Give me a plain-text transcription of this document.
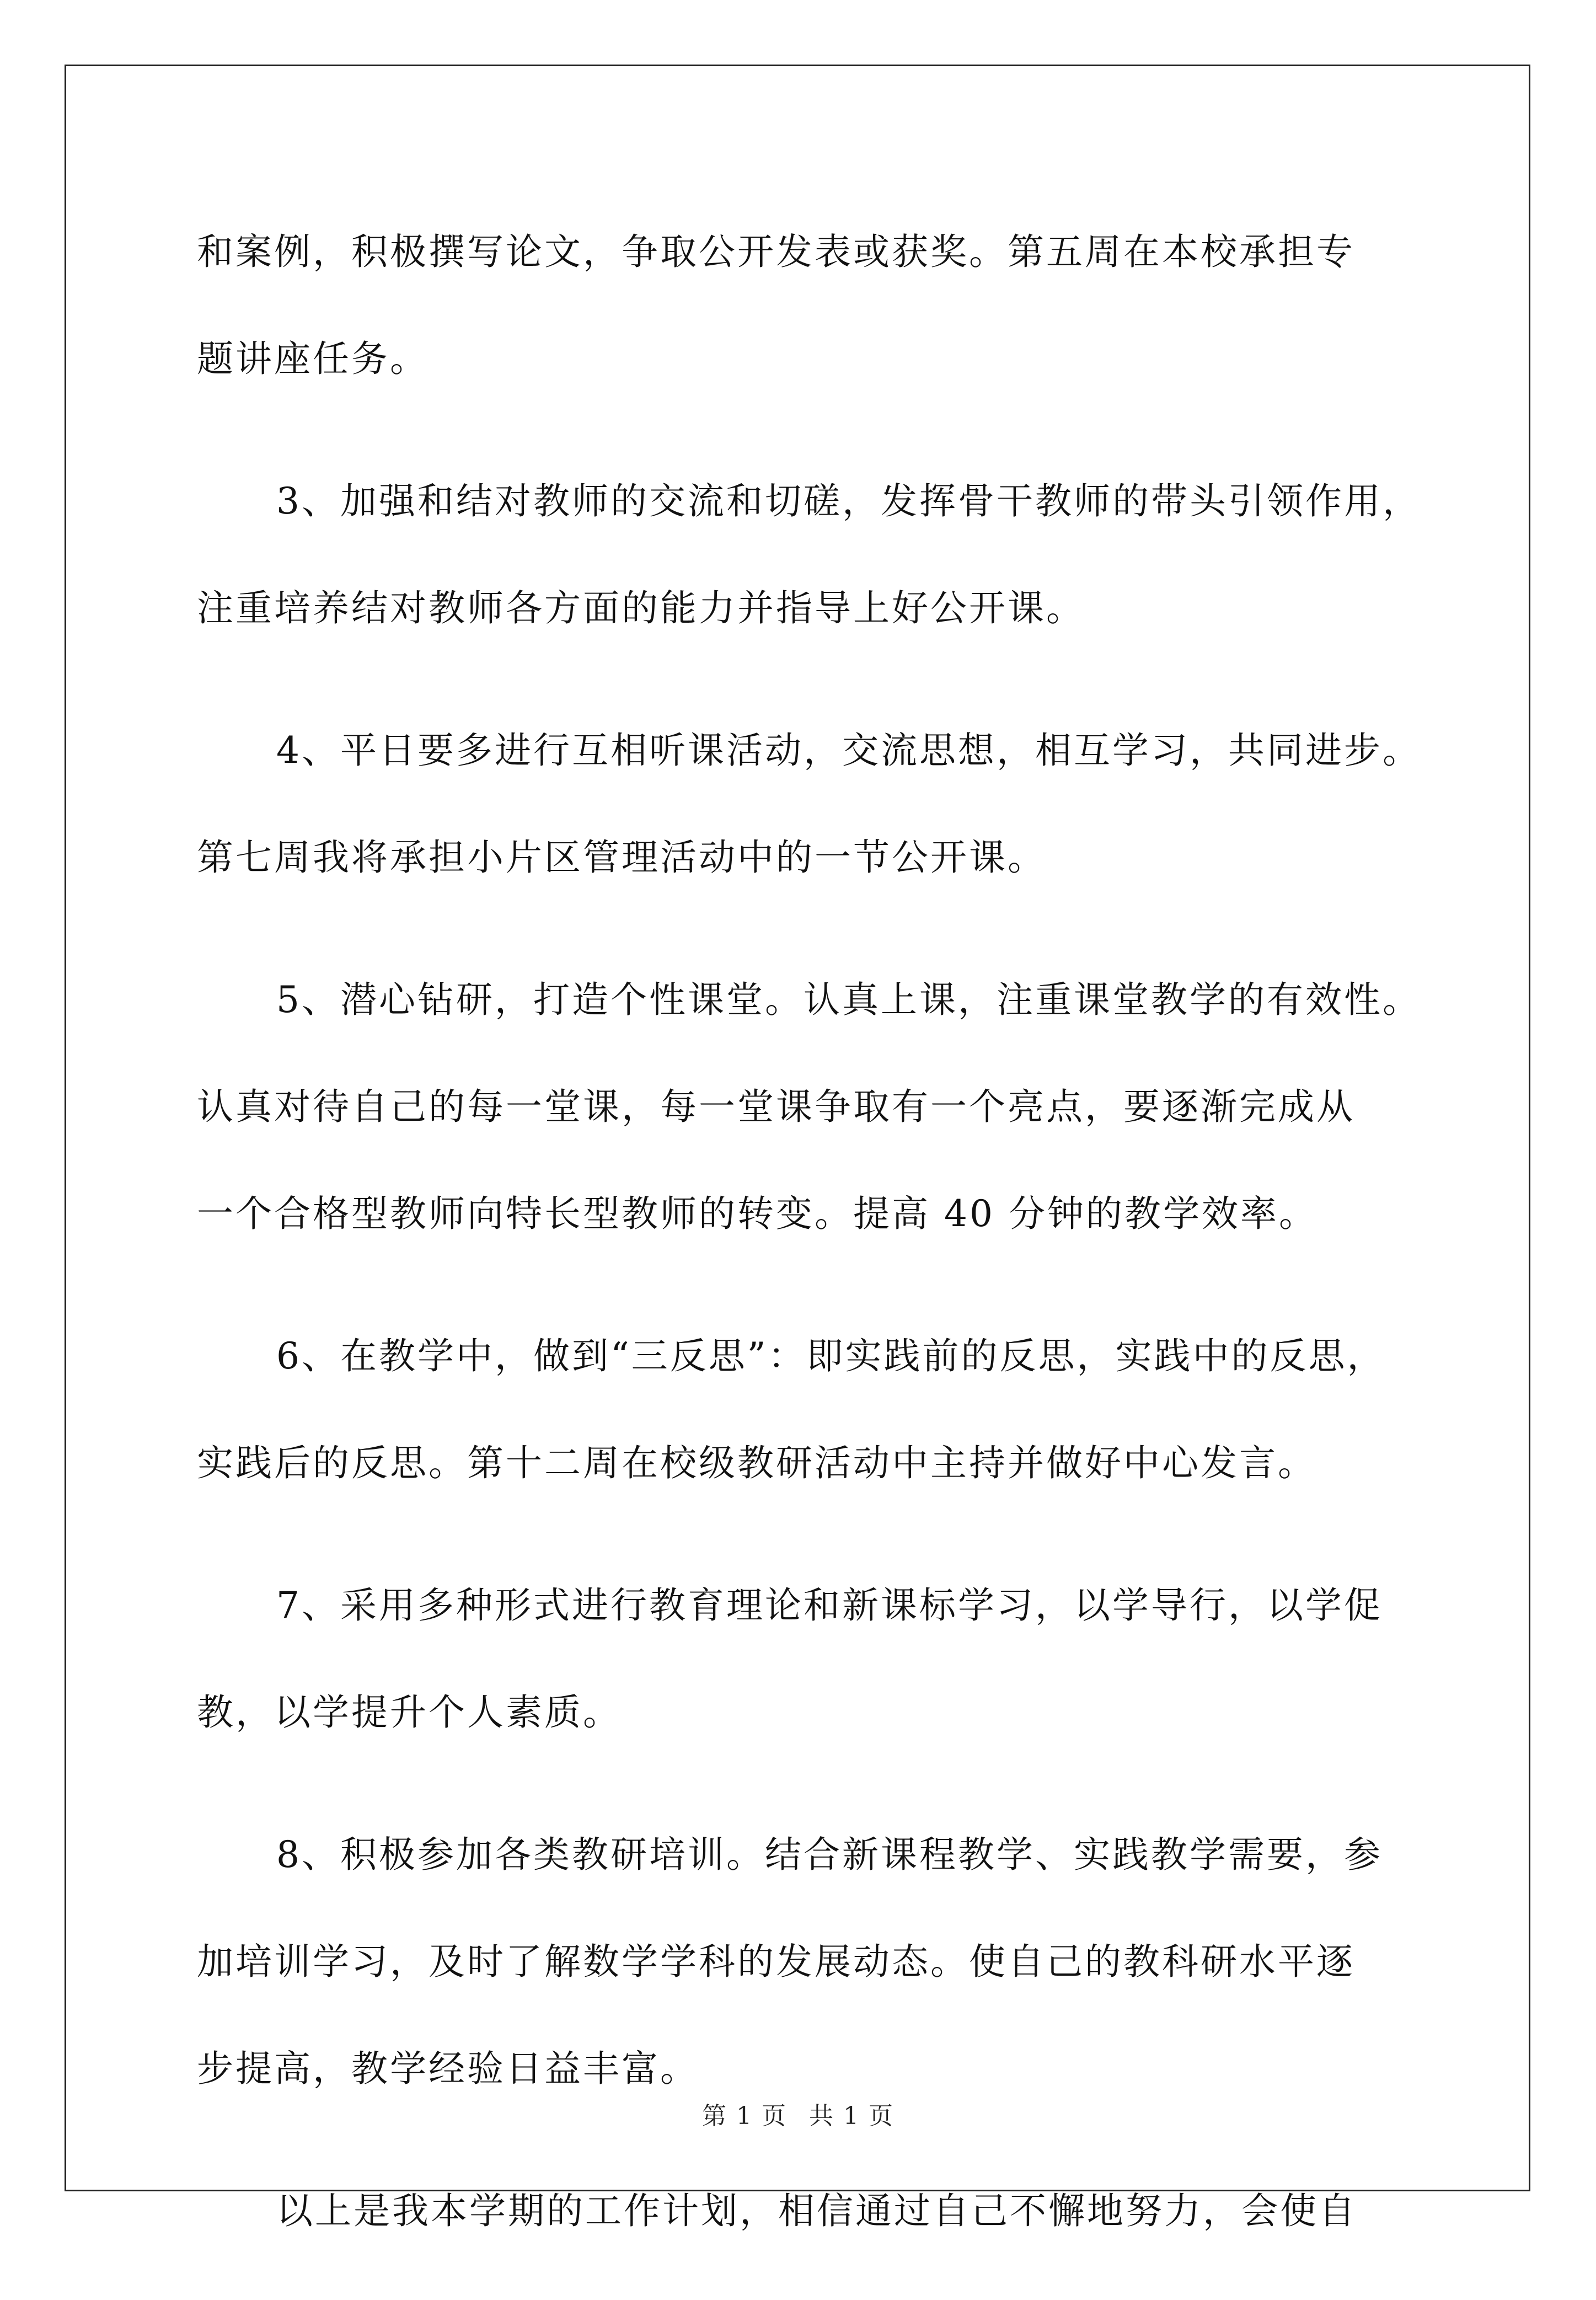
和案例，积极撰写论文，争取公开发表或获奖。第五周在本校承担专
题讲座任务。
3、加强和结对教师的交流和切磋，发挥骨干教师的带头引领作用，
注重培养结对教师各方面的能力并指导上好公开课。
4、平日要多进行互相听课活动，交流思想，相互学习，共同进步。
第七周我将承担小片区管理活动中的一节公开课。
5、潜心钻研，打造个性课堂。认真上课，注重课堂教学的有效性。
认真对待自己的每一堂课，每一堂课争取有一个亮点，要逐渐完成从
一个合格型教师向特长型教师的转变。提高 40 分钟的教学效率。
6、在教学中，做到“三反思”：即实践前的反思，实践中的反思，
实践后的反思。第十二周在校级教研活动中主持并做好中心发言。
7、采用多种形式进行教育理论和新课标学习，以学导行，以学促
教，以学提升个人素质。
8、积极参加各类教研培训。结合新课程教学、实践教学需要，参
加培训学习，及时了解数学学科的发展动态。使自己的教科研水平逐
步提高，教学经验日益丰富。
以上是我本学期的工作计划，相信通过自己不懈地努力，会使自
第 1 页 共 1 页
